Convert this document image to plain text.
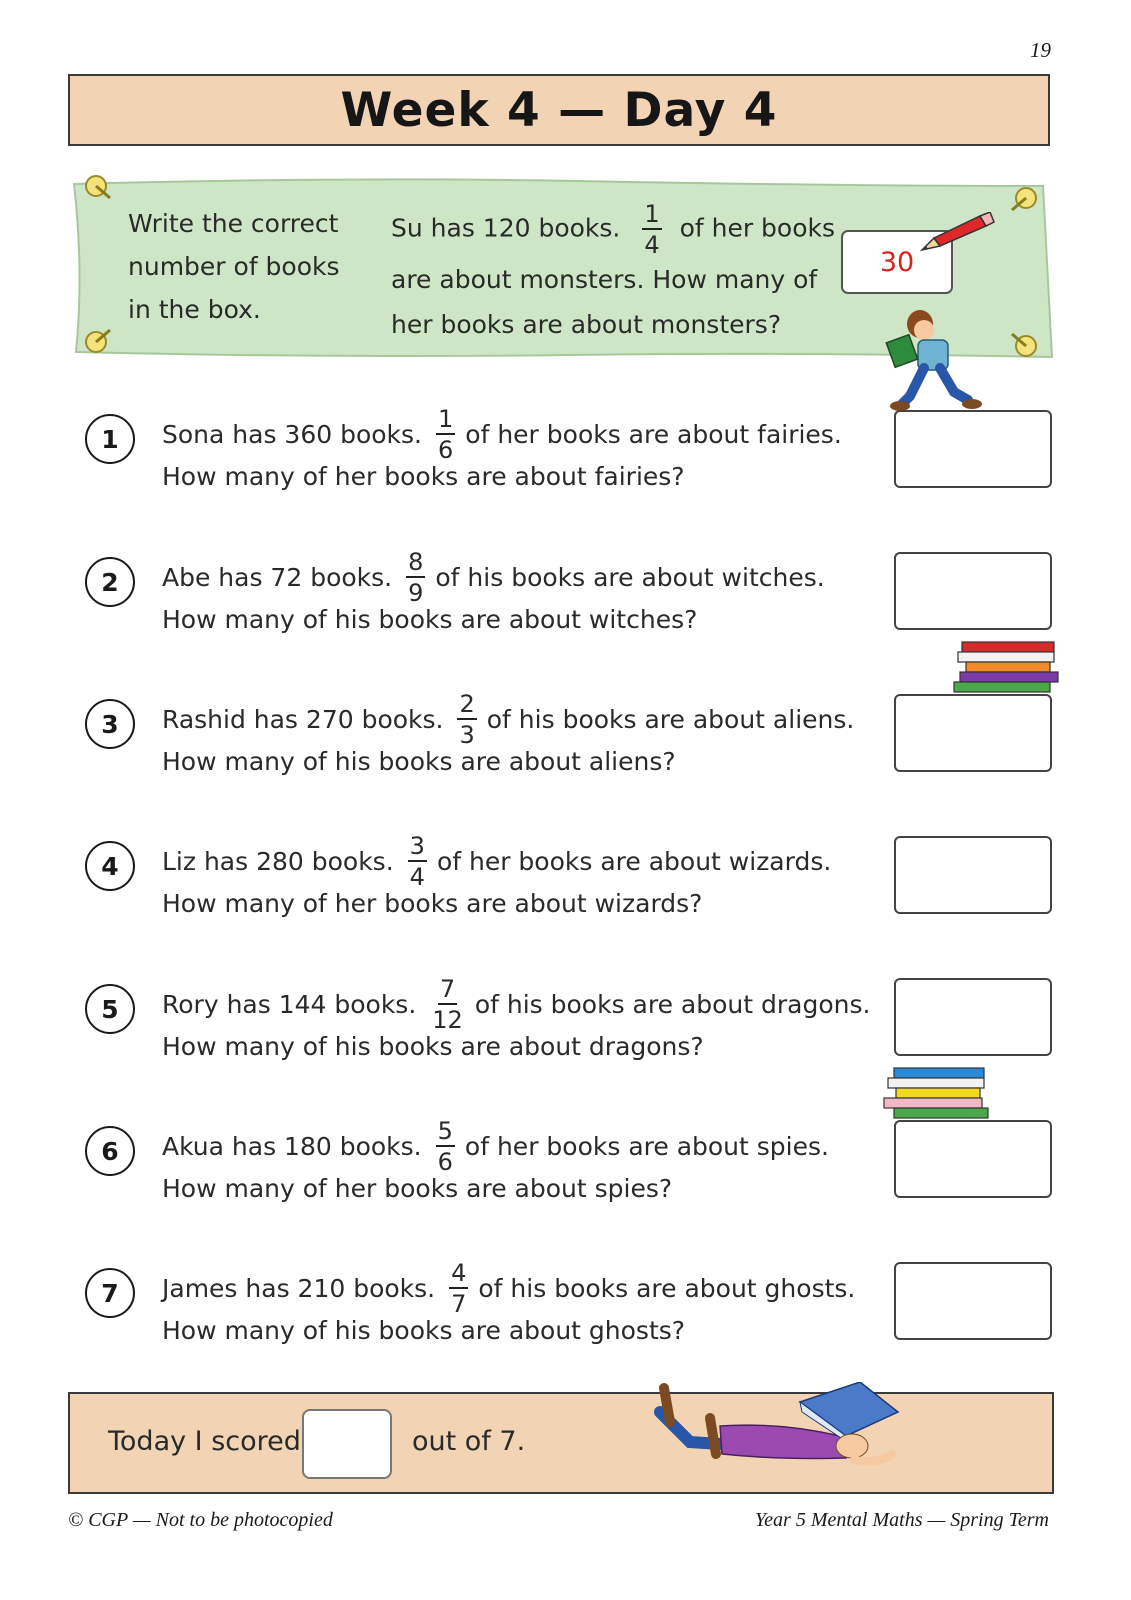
19
Week 4 — Day 4
Write the correct number of books in the box.
Su has 120 books. $\frac{1}{4}$ of her books are about monsters. How many of her books are about monsters?
30
1	Sona has 360 books. $\frac{1}{6}$ of her books are about fairies.
How many of her books are about fairies?
2	Abe has 72 books. $\frac{8}{9}$ of his books are about witches.
How many of his books are about witches?
3	Rashid has 270 books. $\frac{2}{3}$ of his books are about aliens.
How many of his books are about aliens?
4	Liz has 280 books. $\frac{3}{4}$ of her books are about wizards.
How many of her books are about wizards?
5	Rory has 144 books. $\frac{7}{12}$ of his books are about dragons.
How many of his books are about dragons?
6	Akua has 180 books. $\frac{5}{6}$ of her books are about spies.
How many of her books are about spies?
7	James has 210 books. $\frac{4}{7}$ of his books are about ghosts.
How many of his books are about ghosts?
Today I scored	out of 7.
© CGP — Not to be photocopied	Year 5 Mental Maths — Spring Term
